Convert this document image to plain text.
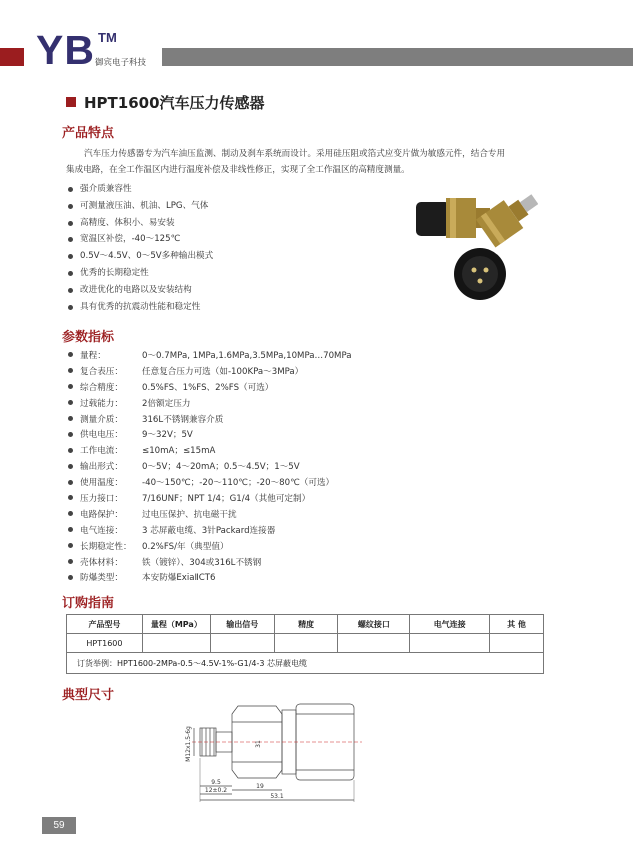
YB TM
御宾电子科技
HPT1600汽车压力传感器
产品特点
汽车压力传感器专为汽车油压监测、制动及刹车系统而设计。采用硅压阻或箔式应变片做为敏感元件，结合专用
集成电路，在全工作温区内进行温度补偿及非线性修正，实现了全工作温区的高精度测量。
强介质兼容性
可测量液压油、机油、LPG、气体
高精度、体积小、易安装
宽温区补偿，-40～125℃
0.5V～4.5V、0～5V多种输出模式
优秀的长期稳定性
改进优化的电路以及安装结构
具有优秀的抗震动性能和稳定性
参数指标
	量程：	0～0.7MPa, 1MPa,1.6MPa,3.5MPa,10MPa…70MPa

	复合表压：	任意复合压力可选（如-100KPa～3MPa）

	综合精度：	0.5%FS、1%FS、2%FS（可选）

	过载能力：	2倍额定压力

	测量介质：	316L不锈钢兼容介质

	供电电压：	9～32V；5V

	工作电流：	≤10mA；≤15mA

	输出形式：	0～5V；4～20mA；0.5～4.5V；1～5V

	使用温度：	-40～150℃；-20～110℃；-20～80℃（可选）

	压力接口：	7/16UNF；NPT 1/4；G1/4（其他可定制）

	电路保护：	过电压保护、抗电磁干扰

	电气连接：	3 芯屏蔽电缆、3针Packard连接器

	长期稳定性：	0.2%FS/年（典型值）

	壳体材料：	铁（镀锌）、304或316L不锈钢

	防爆类型：	本安防爆ExiaⅡCT6
订购指南
产品型号	量程（MPa）	输出信号	精度	螺纹接口	电气连接	其 他
HPT1600						
订货举例：HPT1600-2MPa-0.5～4.5V-1%-G1/4-3 芯屏蔽电缆						
典型尺寸
M12x1.5-6g
9.5
12±0.2
19
53.1
31
59
